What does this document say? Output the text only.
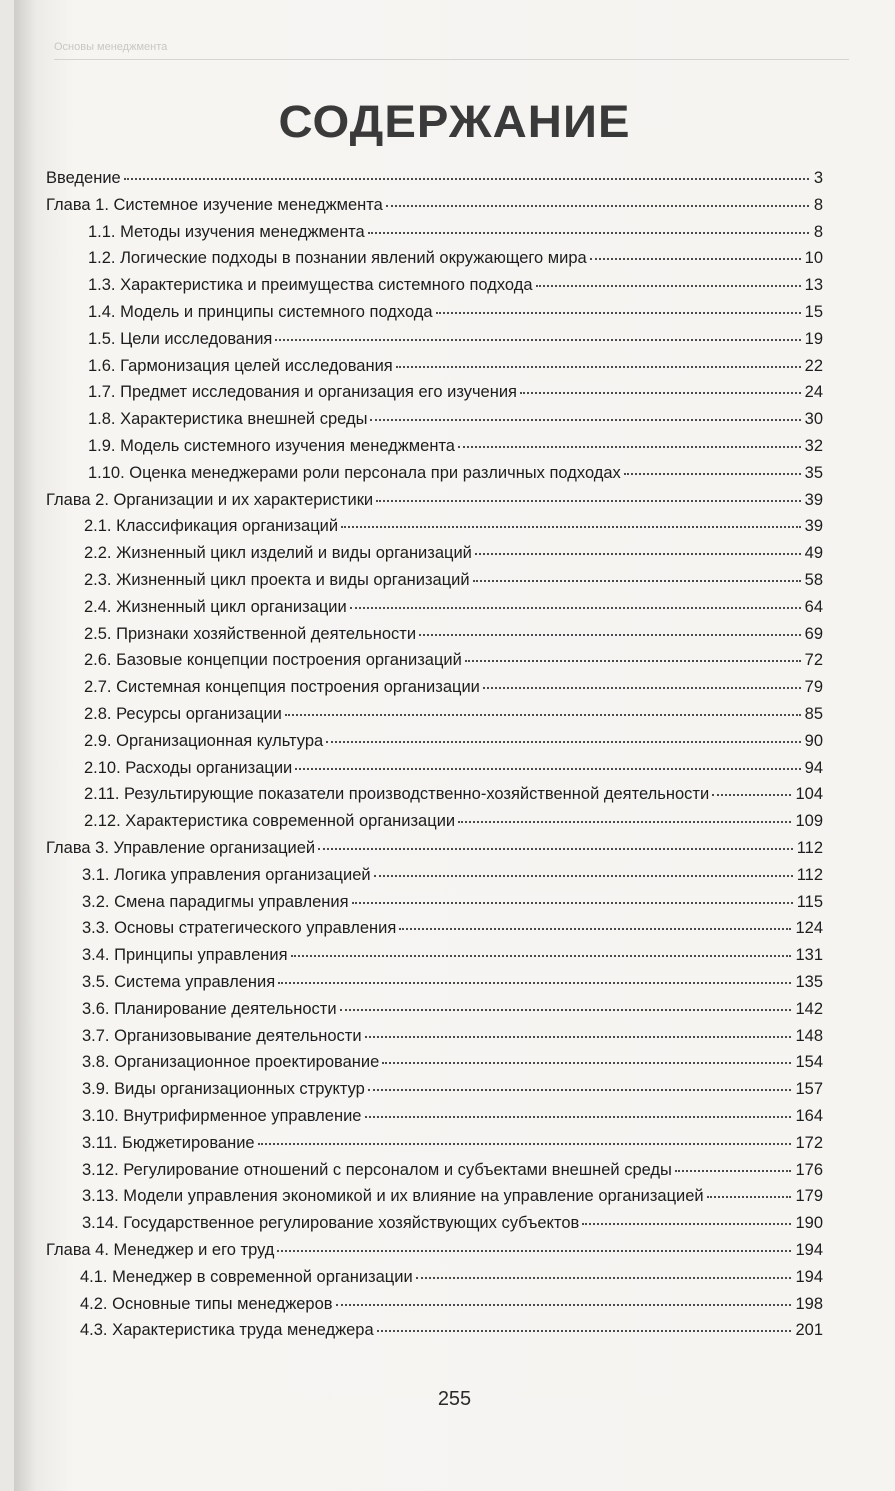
Основы менеджмента
СОДЕРЖАНИЕ
Введение	3
Глава 1. Системное изучение менеджмента	8
1.1. Методы изучения менеджмента	8
1.2. Логические подходы в познании явлений окружающего мира	10
1.3. Характеристика и преимущества системного подхода	13
1.4. Модель и принципы системного подхода	15
1.5. Цели исследования	19
1.6. Гармонизация целей исследования	22
1.7. Предмет исследования и организация его изучения	24
1.8. Характеристика внешней среды	30
1.9. Модель системного изучения менеджмента	32
1.10. Оценка менеджерами роли персонала при различных подходах	35
Глава 2. Организации и их характеристики	39
2.1. Классификация организаций	39
2.2. Жизненный цикл изделий и виды организаций	49
2.3. Жизненный цикл проекта и виды организаций	58
2.4. Жизненный цикл организации	64
2.5. Признаки хозяйственной деятельности	69
2.6. Базовые концепции построения организаций	72
2.7. Системная концепция построения организации	79
2.8. Ресурсы организации	85
2.9. Организационная культура	90
2.10. Расходы организации	94
2.11. Результирующие показатели производственно-хозяйственной деятельности	104
2.12. Характеристика современной организации	109
Глава 3. Управление организацией	112
3.1. Логика управления организацией	112
3.2. Смена парадигмы управления	115
3.3. Основы стратегического управления	124
3.4. Принципы управления	131
3.5. Система управления	135
3.6. Планирование деятельности	142
3.7. Организовывание деятельности	148
3.8. Организационное проектирование	154
3.9. Виды организационных структур	157
3.10. Внутрифирменное управление	164
3.11. Бюджетирование	172
3.12. Регулирование отношений с персоналом и субъектами внешней среды	176
3.13. Модели управления экономикой и их влияние на управление организацией	179
3.14. Государственное регулирование хозяйствующих субъектов	190
Глава 4. Менеджер и его труд	194
4.1. Менеджер в современной организации	194
4.2. Основные типы менеджеров	198
4.3. Характеристика труда менеджера	201
255
